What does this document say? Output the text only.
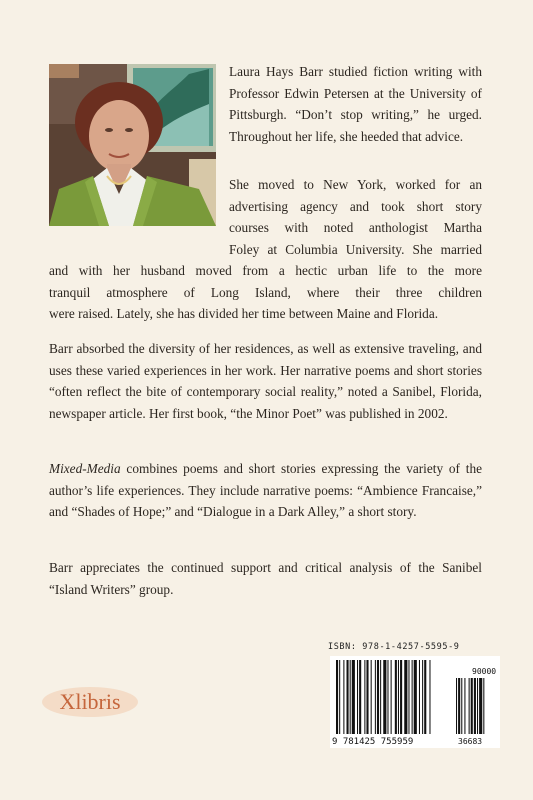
Laura Hays Barr studied fiction writing with Professor Edwin Petersen at the University of Pittsburgh. “Don’t stop writing,” he urged. Throughout her life, she heeded that advice.

She moved to New York, worked for an

advertising agency and took short story

courses with noted anthologist Martha

Foley at Columbia University. She married

and with her husband moved from a hectic urban life to the more

tranquil atmosphere of Long Island, where their three children

were raised. Lately, she has divided her time between Maine and Florida.

Barr absorbed the diversity of her residences, as well as extensive traveling, and uses these varied experiences in her work. Her narrative poems and short stories “often reflect the bite of contemporary social reality,” noted a Sanibel, Florida, newspaper article. Her first book, “the Minor Poet” was published in 2002.

Mixed-Media combines poems and short stories expressing the variety of the author’s life experiences. They include narrative poems: “Ambience Francaise,” and “Shades of Hope;” and “Dialogue in a Dark Alley,” a short story.

Barr appreciates the continued support and critical analysis of the Sanibel “Island Writers” group.

Xlibris
ISBN: 978-1-4257-5595-9
9 781425 755959
90000
36683
